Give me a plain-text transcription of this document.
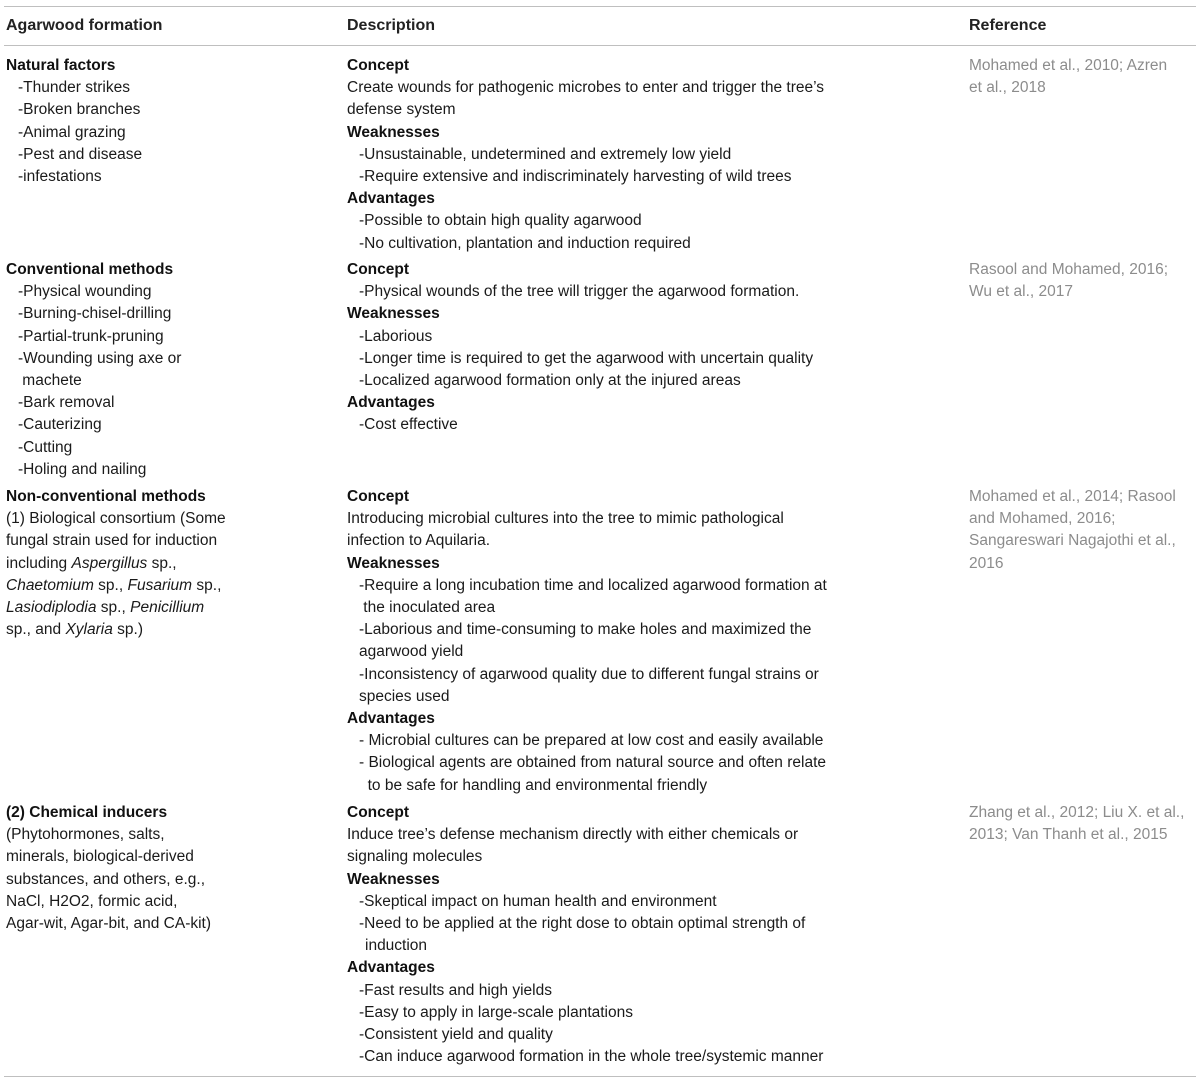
Agarwood formation	Description	Reference
Natural factors
-Thunder strikes
-Broken branches
-Animal grazing
-Pest and disease
-infestations
Concept
Create wounds for pathogenic microbes to enter and trigger the tree’s
defense system
Weaknesses
-Unsustainable, undetermined and extremely low yield
-Require extensive and indiscriminately harvesting of wild trees
Advantages
-Possible to obtain high quality agarwood
-No cultivation, plantation and induction required
Mohamed et al., 2010; Azren
et al., 2018
Conventional methods
-Physical wounding
-Burning-chisel-drilling
-Partial-trunk-pruning
-Wounding using axe or
machete
-Bark removal
-Cauterizing
-Cutting
-Holing and nailing
Concept
-Physical wounds of the tree will trigger the agarwood formation.
Weaknesses
-Laborious
-Longer time is required to get the agarwood with uncertain quality
-Localized agarwood formation only at the injured areas
Advantages
-Cost effective
Rasool and Mohamed, 2016;
Wu et al., 2017
Non-conventional methods
(1) Biological consortium (Some
fungal strain used for induction
including Aspergillus sp.,
Chaetomium sp., Fusarium sp.,
Lasiodiplodia sp., Penicillium
sp., and Xylaria sp.)
Concept
Introducing microbial cultures into the tree to mimic pathological
infection to Aquilaria.
Weaknesses
-Require a long incubation time and localized agarwood formation at
the inoculated area
-Laborious and time-consuming to make holes and maximized the
agarwood yield
-Inconsistency of agarwood quality due to different fungal strains or
species used
Advantages
- Microbial cultures can be prepared at low cost and easily available
- Biological agents are obtained from natural source and often relate
to be safe for handling and environmental friendly
Mohamed et al., 2014; Rasool
and Mohamed, 2016;
Sangareswari Nagajothi et al.,
2016
(2) Chemical inducers
(Phytohormones, salts,
minerals, biological-derived
substances, and others, e.g.,
NaCl, H2O2, formic acid,
Agar-wit, Agar-bit, and CA-kit)
Concept
Induce tree’s defense mechanism directly with either chemicals or
signaling molecules
Weaknesses
-Skeptical impact on human health and environment
-Need to be applied at the right dose to obtain optimal strength of
induction
Advantages
-Fast results and high yields
-Easy to apply in large-scale plantations
-Consistent yield and quality
-Can induce agarwood formation in the whole tree/systemic manner
Zhang et al., 2012; Liu X. et al.,
2013; Van Thanh et al., 2015
